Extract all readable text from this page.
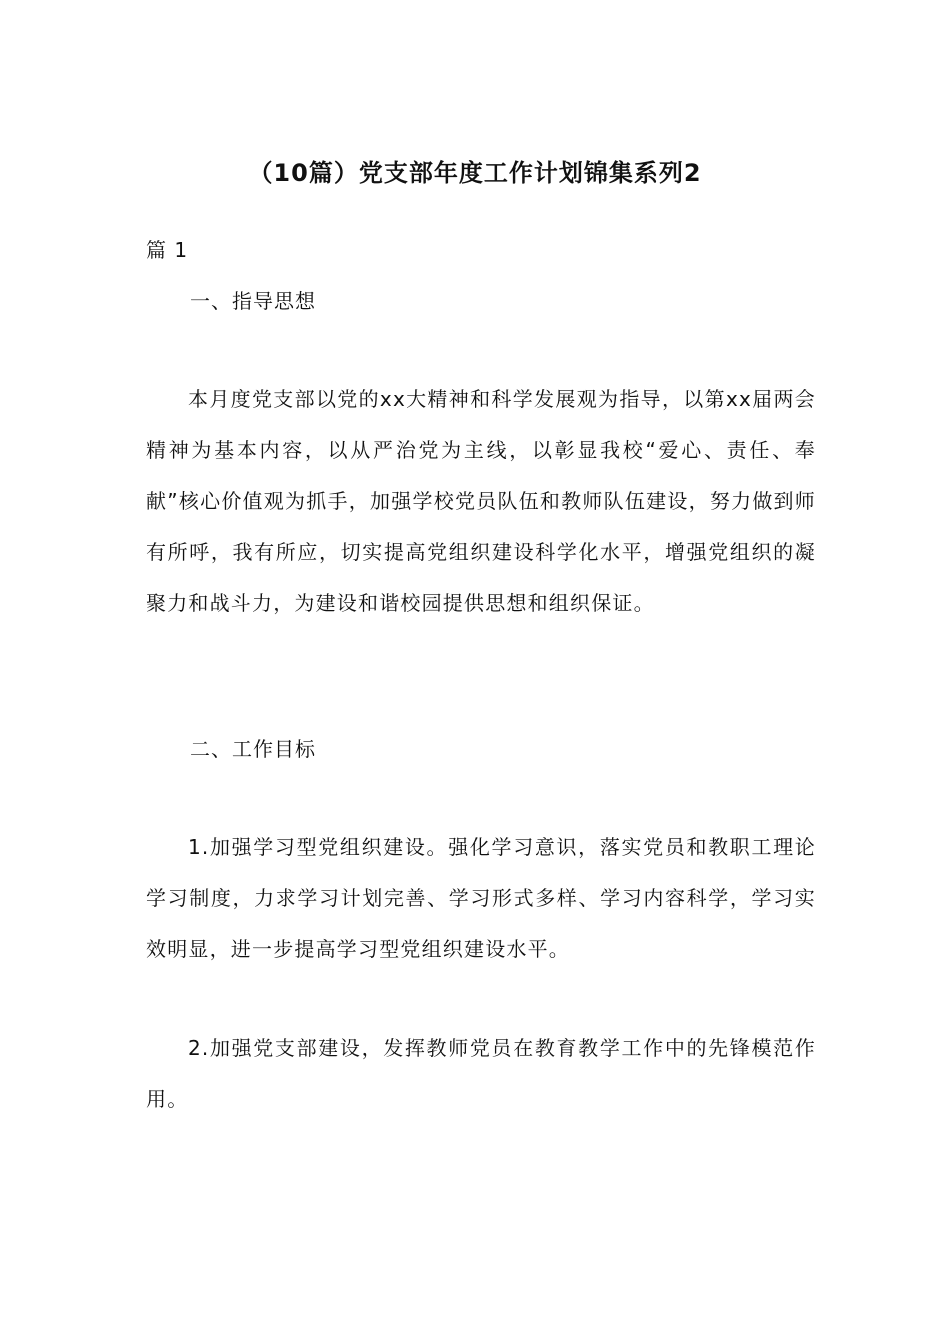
（10篇）党支部年度工作计划锦集系列2
篇 1
一、指导思想

本月度党支部以党的xx大精神和科学发展观为指导，以第xx届两会精神为基本内容，以从严治党为主线，以彰显我校“爱心、责任、奉献”核心价值观为抓手，加强学校党员队伍和教师队伍建设，努力做到师有所呼，我有所应，切实提高党组织建设科学化水平，增强党组织的凝聚力和战斗力，为建设和谐校园提供思想和组织保证。

二、工作目标

1.加强学习型党组织建设。强化学习意识，落实党员和教职工理论学习制度，力求学习计划完善、学习形式多样、学习内容科学，学习实效明显，进一步提高学习型党组织建设水平。

2.加强党支部建设，发挥教师党员在教育教学工作中的先锋模范作用。
